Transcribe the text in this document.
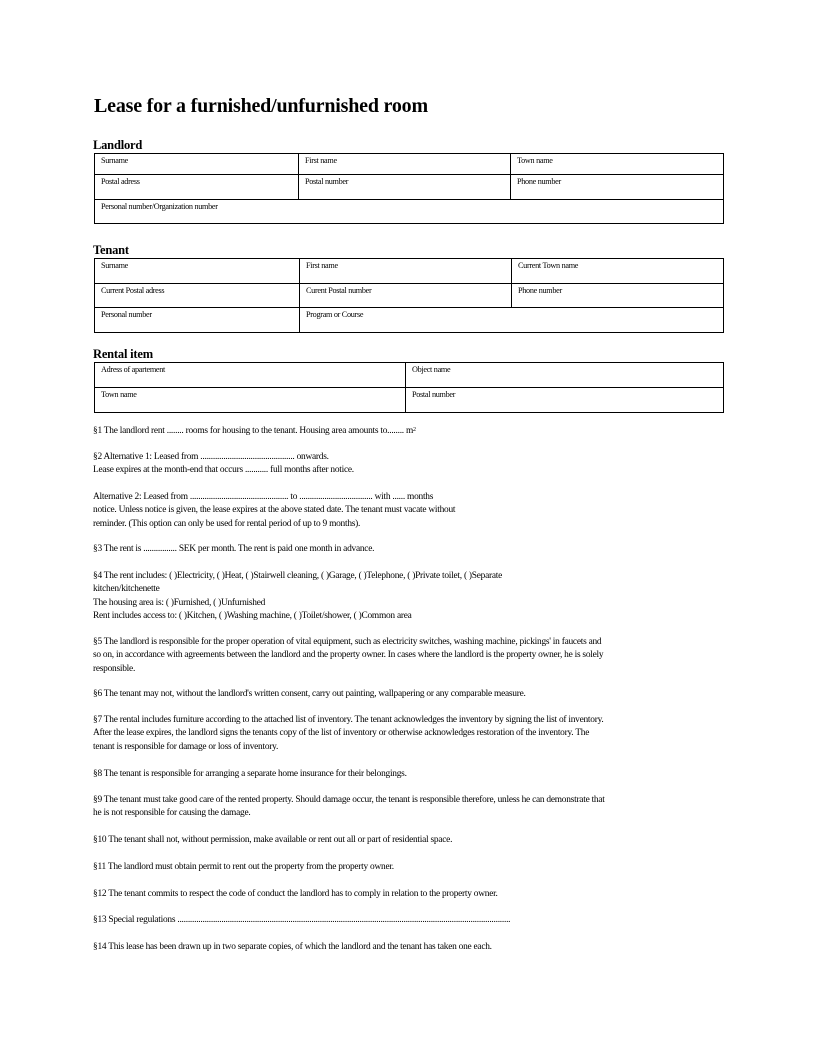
Lease for a furnished/unfurnished room
Landlord
Surname	First name	Town name
Postal adress	Postal number	Phone number
Personal number/Organization number		
Tenant
Surname	First name	Current Town name
Current Postal adress	Curent Postal number	Phone number
Personal number	Program or Course	
Rental item
Adress of apartement	Object name
Town name	Postal number
§1 The landlord rent ........ rooms for housing to the tenant. Housing area amounts to........ $m^2$
§2 Alternative 1: Leased from ............................................. onwards.
Lease expires at the month-end that occurs ........... full months after notice.
Alternative 2: Leased from ............................................... to ................................... with ...... months
notice. Unless notice is given, the lease expires at the above stated date. The tenant must vacate without
reminder. (This option can only be used for rental period of up to 9 months).
§3 The rent is ................ SEK per month. The rent is paid one month in advance.
§4 The rent includes: ( )Electricity, ( )Heat, ( )Stairwell cleaning, ( )Garage, ( )Telephone, ( )Private toilet, ( )Separate
kitchen/kitchenette
The housing area is: ( )Furnished, ( )Unfurnished
Rent includes access to: ( )Kitchen, ( )Washing machine, ( )Toilet/shower, ( )Common area
§5 The landlord is responsible for the proper operation of vital equipment, such as electricity switches, washing machine, pickings' in faucets and
so on, in accordance with agreements between the landlord and the property owner. In cases where the landlord is the property owner, he is solely
responsible.
§6 The tenant may not, without the landlord's written consent, carry out painting, wallpapering or any comparable measure.
§7 The rental includes furniture according to the attached list of inventory. The tenant acknowledges the inventory by signing the list of inventory.
After the lease expires, the landlord signs the tenants copy of the list of inventory or otherwise acknowledges restoration of the inventory. The
tenant is responsible for damage or loss of inventory.
§8 The tenant is responsible for arranging a separate home insurance for their belongings.
§9 The tenant must take good care of the rented property. Should damage occur, the tenant is responsible therefore, unless he can demonstrate that
he is not responsible for causing the damage.
§10 The tenant shall not, without permission, make available or rent out all or part of residential space.
§11 The landlord must obtain permit to rent out the property from the property owner.
§12 The tenant commits to respect the code of conduct the landlord has to comply in relation to the property owner.
§13 Special regulations ...............................................................................................................................................................
§14 This lease has been drawn up in two separate copies, of which the landlord and the tenant has taken one each.
